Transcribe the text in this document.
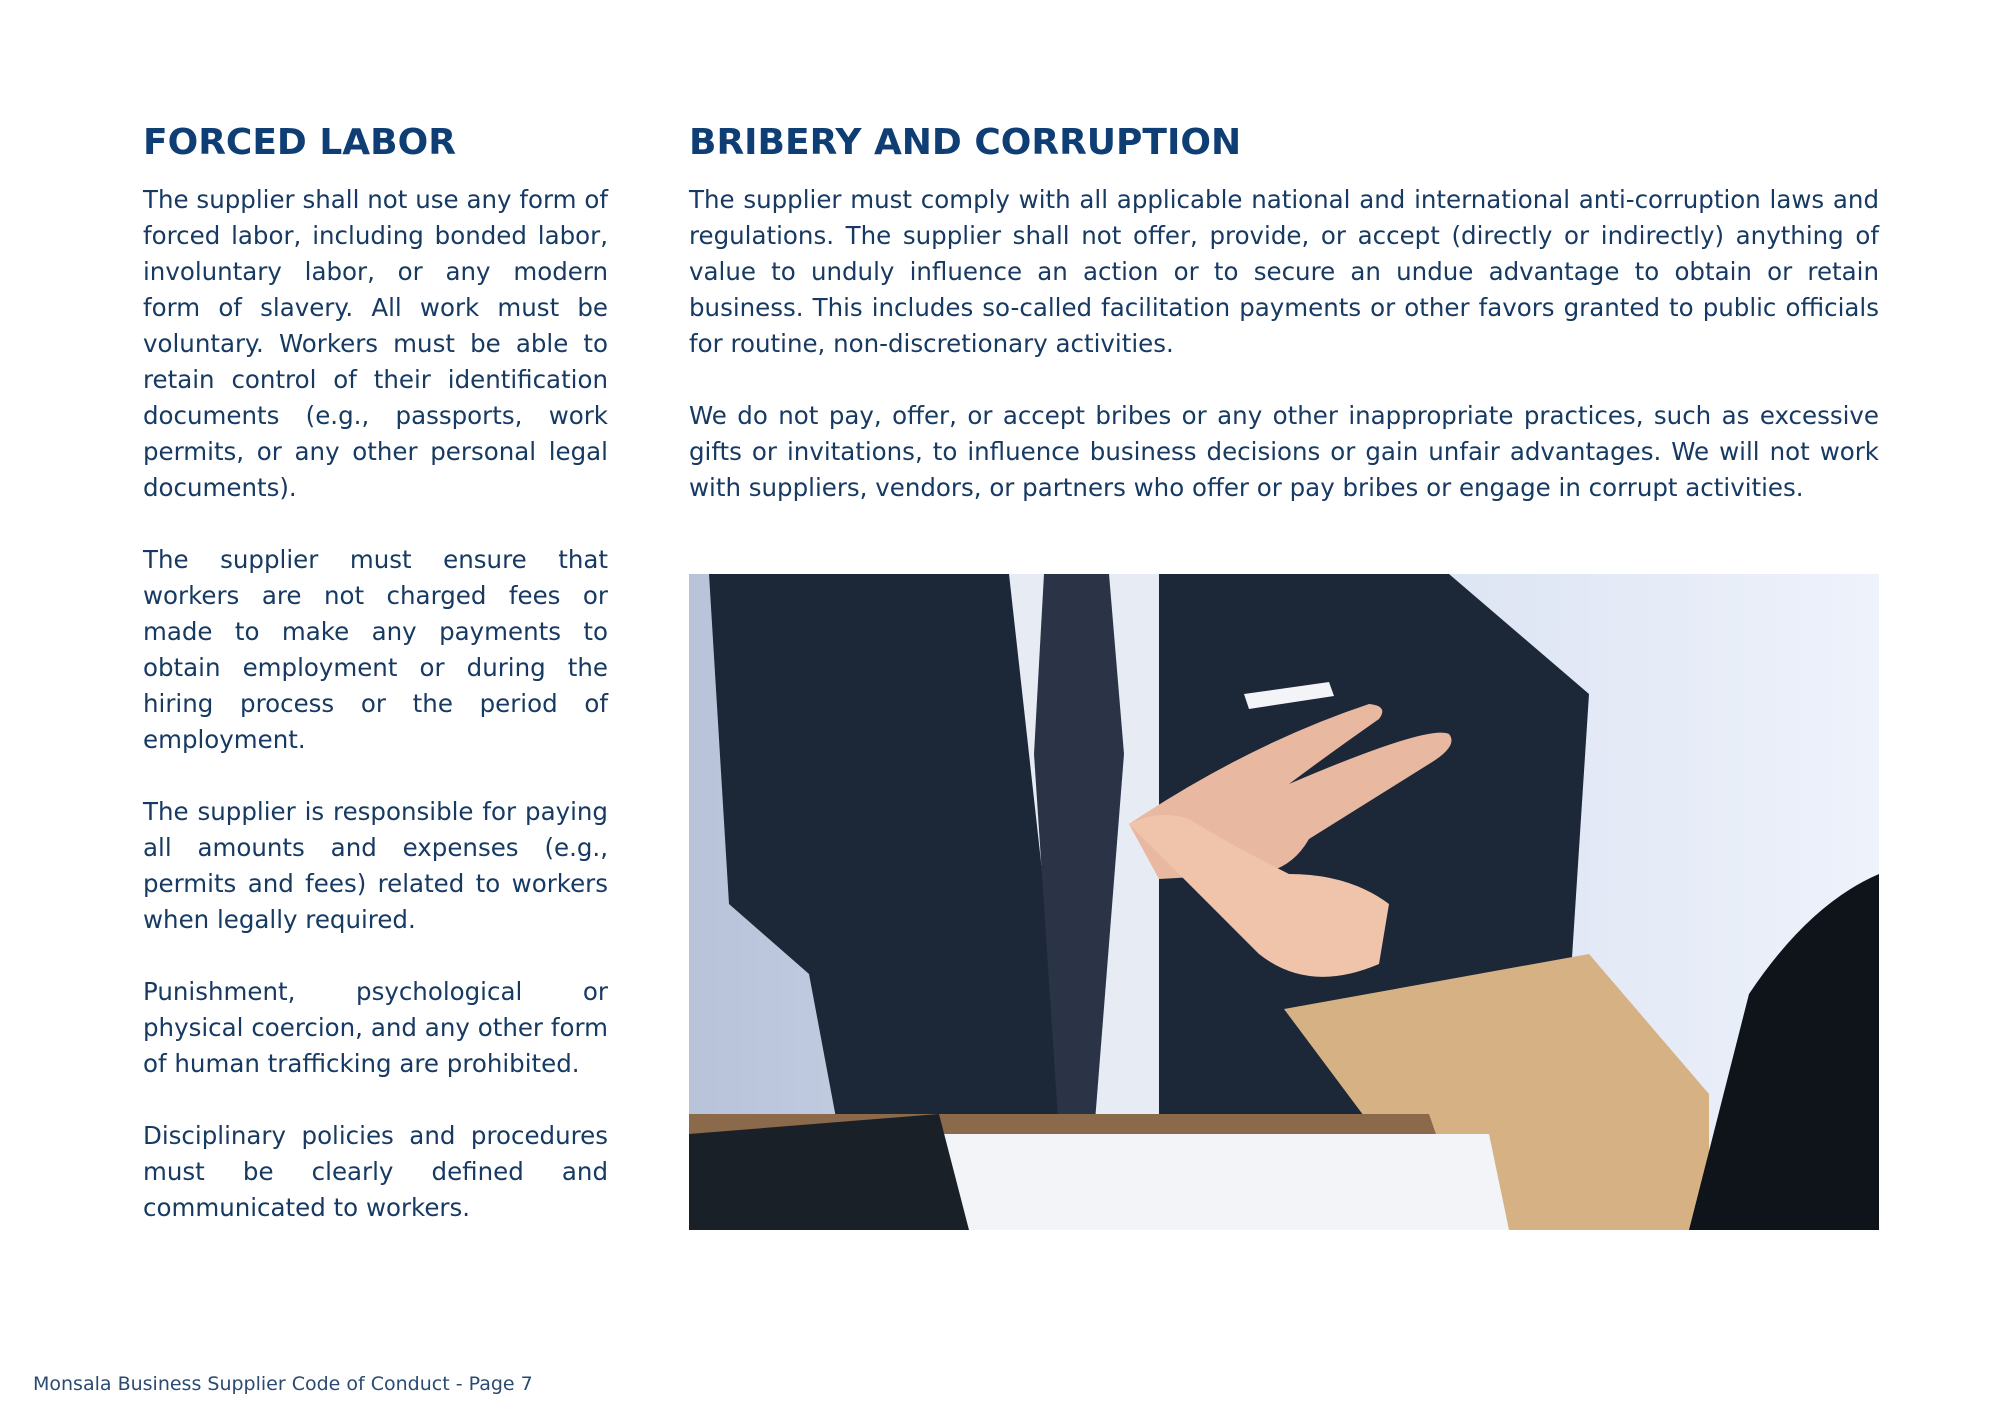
FORCED LABOR

The supplier shall not use any form of forced labor, including bonded labor, involuntary labor, or any modern form of slavery. All work must be voluntary. Workers must be able to retain control of their identification documents (e.g., passports, work permits, or any other personal legal documents).

The supplier must ensure that workers are not charged fees or made to make any payments to obtain employment or during the hiring process or the period of employment.

The supplier is responsible for paying all amounts and expenses (e.g., permits and fees) related to workers when legally required.

Punishment, psychological or physical coercion, and any other form of human trafficking are prohibited.

Disciplinary policies and procedures must be clearly defined and communicated to workers.

BRIBERY AND CORRUPTION

The supplier must comply with all applicable national and international anti-corruption laws and regulations. The supplier shall not offer, provide, or accept (directly or indirectly) anything of value to unduly influence an action or to secure an undue advantage to obtain or retain business. This includes so-called facilitation payments or other favors granted to public officials for routine, non-discretionary activities.

We do not pay, offer, or accept bribes or any other inappropriate practices, such as excessive gifts or invitations, to influence business decisions or gain unfair advantages. We will not work with suppliers, vendors, or partners who offer or pay bribes or engage in corrupt activities.

Monsala Business Supplier Code of Conduct - Page 7
